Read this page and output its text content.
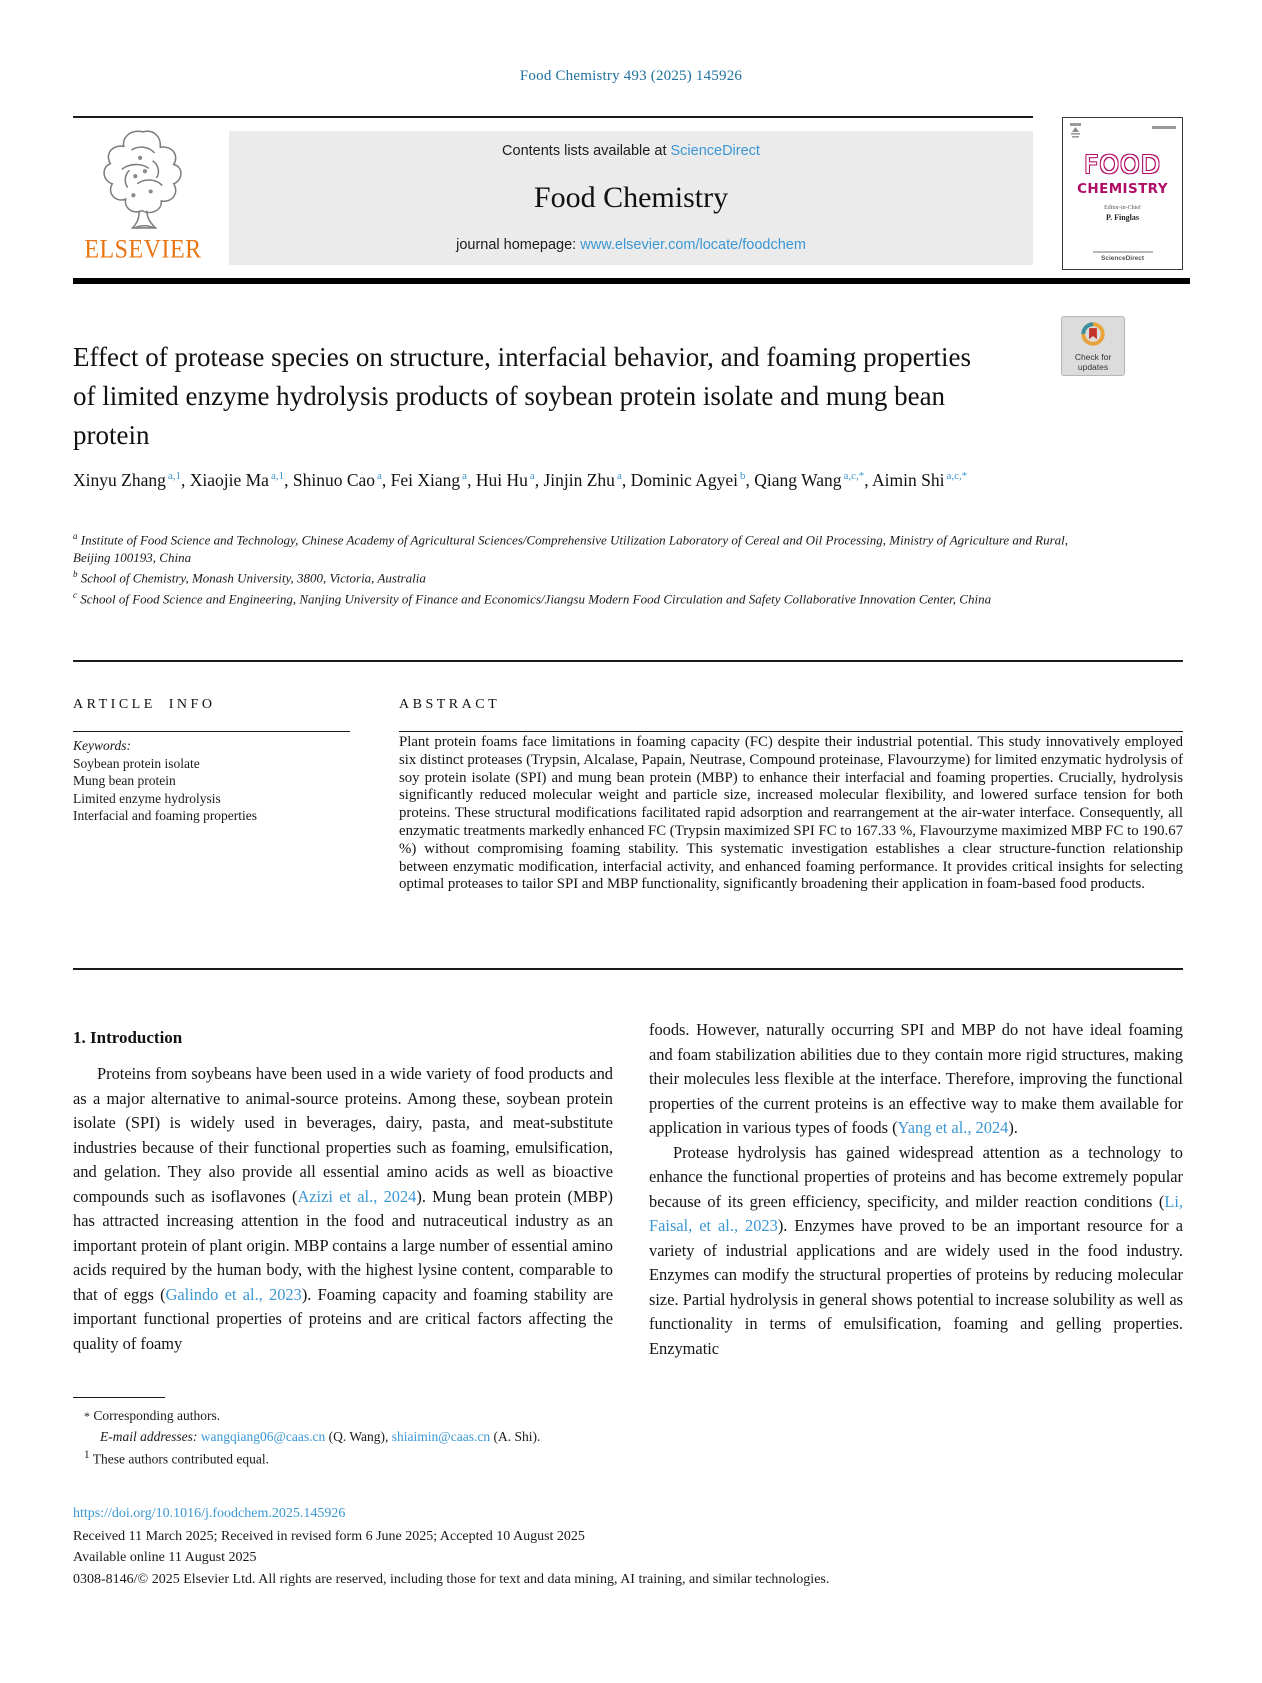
Food Chemistry 493 (2025) 145926
ELSEVIER
Contents lists available at ScienceDirect
Food Chemistry
journal homepage: www.elsevier.com/locate/foodchem
FOOD
CHEMISTRY
Editor-in-Chief
P. Finglas
ScienceDirect
Effect of protease species on structure, interfacial behavior, and foaming properties of limited enzyme hydrolysis products of soybean protein isolate and mung bean protein
Check for updates
Xinyu Zhang $^{a,1}$, Xiaojie Ma $^{a,1}$, Shinuo Cao $^a$, Fei Xiang $^a$, Hui Hu $^a$, Jinjin Zhu $^a$, Dominic Agyei $^b$, Qiang Wang $^{a,c,*}$, Aimin Shi $^{a,c,*}$
$^a$ Institute of Food Science and Technology, Chinese Academy of Agricultural Sciences/Comprehensive Utilization Laboratory of Cereal and Oil Processing, Ministry of Agriculture and Rural, Beijing 100193, China
$^b$ School of Chemistry, Monash University, 3800, Victoria, Australia
$^c$ School of Food Science and Engineering, Nanjing University of Finance and Economics/Jiangsu Modern Food Circulation and Safety Collaborative Innovation Center, China
ARTICLE INFO
Keywords:
Soybean protein isolate
Mung bean protein
Limited enzyme hydrolysis
Interfacial and foaming properties
ABSTRACT

Plant protein foams face limitations in foaming capacity (FC) despite their industrial potential. This study innovatively employed six distinct proteases (Trypsin, Alcalase, Papain, Neutrase, Compound proteinase, Flavourzyme) for limited enzymatic hydrolysis of soy protein isolate (SPI) and mung bean protein (MBP) to enhance their interfacial and foaming properties. Crucially, hydrolysis significantly reduced molecular weight and particle size, increased molecular flexibility, and lowered surface tension for both proteins. These structural modifications facilitated rapid adsorption and rearrangement at the air-water interface. Consequently, all enzymatic treatments markedly enhanced FC (Trypsin maximized SPI FC to 167.33 %, Flavourzyme maximized MBP FC to 190.67 %) without compromising foaming stability. This systematic investigation establishes a clear structure-function relationship between enzymatic modification, interfacial activity, and enhanced foaming performance. It provides critical insights for selecting optimal proteases to tailor SPI and MBP functionality, significantly broadening their application in foam-based food products.

1. Introduction

Proteins from soybeans have been used in a wide variety of food products and as a major alternative to animal-source proteins. Among these, soybean protein isolate (SPI) is widely used in beverages, dairy, pasta, and meat-substitute industries because of their functional properties such as foaming, emulsification, and gelation. They also provide all essential amino acids as well as bioactive compounds such as isoflavones (Azizi et al., 2024). Mung bean protein (MBP) has attracted increasing attention in the food and nutraceutical industry as an important protein of plant origin. MBP contains a large number of essential amino acids required by the human body, with the highest lysine content, comparable to that of eggs (Galindo et al., 2023). Foaming capacity and foaming stability are important functional properties of proteins and are critical factors affecting the quality of foamy

foods. However, naturally occurring SPI and MBP do not have ideal foaming and foam stabilization abilities due to they contain more rigid structures, making their molecules less flexible at the interface. Therefore, improving the functional properties of the current proteins is an effective way to make them available for application in various types of foods (Yang et al., 2024).

Protease hydrolysis has gained widespread attention as a technology to enhance the functional properties of proteins and has become extremely popular because of its green efficiency, specificity, and milder reaction conditions (Li, Faisal, et al., 2023). Enzymes have proved to be an important resource for a variety of industrial applications and are widely used in the food industry. Enzymes can modify the structural properties of proteins by reducing molecular size. Partial hydrolysis in general shows potential to increase solubility as well as functionality in terms of emulsification, foaming and gelling properties. Enzymatic

* Corresponding authors.
E-mail addresses: wangqiang06@caas.cn (Q. Wang), shiaimin@caas.cn (A. Shi).
$^1$ These authors contributed equal.
https://doi.org/10.1016/j.foodchem.2025.145926
Received 11 March 2025; Received in revised form 6 June 2025; Accepted 10 August 2025
Available online 11 August 2025
0308-8146/© 2025 Elsevier Ltd. All rights are reserved, including those for text and data mining, AI training, and similar technologies.
